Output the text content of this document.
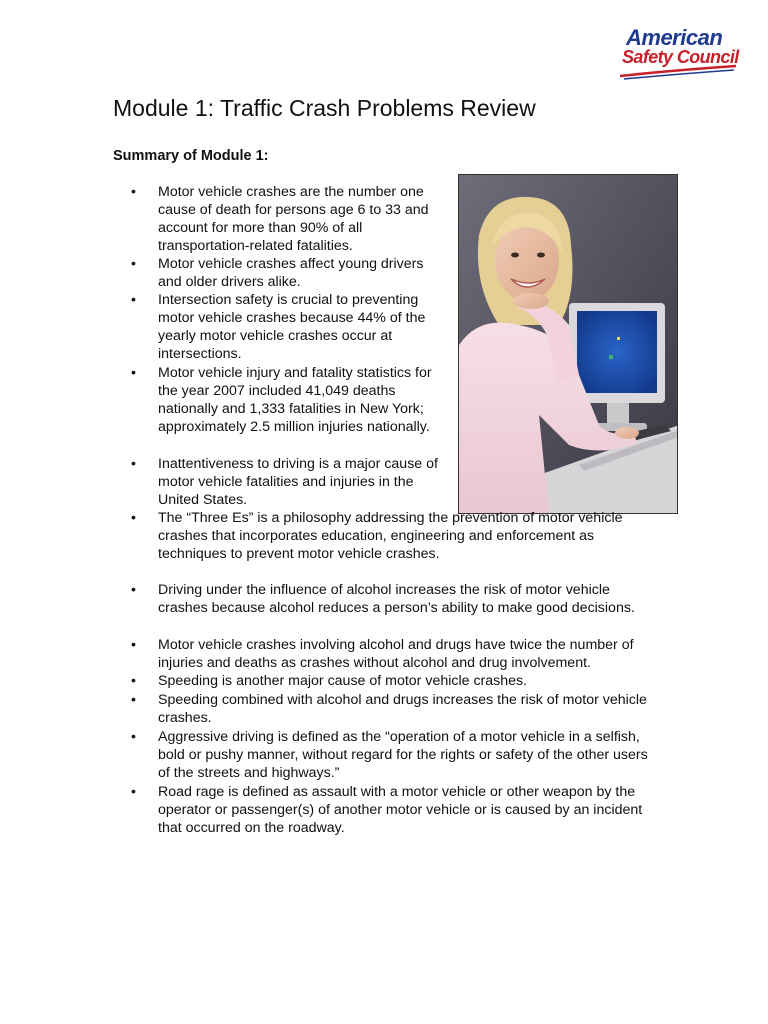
American
Safety Council
Module 1: Traffic Crash Problems Review
Summary of Module 1:
• Motor vehicle crashes are the number one cause of death for persons age 6 to 33 and account for more than 90% of all transportation-related fatalities.
• Motor vehicle crashes affect young drivers and older drivers alike.
• Intersection safety is crucial to preventing motor vehicle crashes because 44% of the yearly motor vehicle crashes occur at intersections.
• Motor vehicle injury and fatality statistics for the year 2007 included 41,049 deaths nationally and 1,333 fatalities in New York; approximately 2.5 million injuries nationally.
• Inattentiveness to driving is a major cause of motor vehicle fatalities and injuries in the United States.
• The “Three Es” is a philosophy addressing the prevention of motor vehicle crashes that incorporates education, engineering and enforcement as techniques to prevent motor vehicle crashes.
• Driving under the influence of alcohol increases the risk of motor vehicle crashes because alcohol reduces a person’s ability to make good decisions.
• Motor vehicle crashes involving alcohol and drugs have twice the number of injuries and deaths as crashes without alcohol and drug involvement.
• Speeding is another major cause of motor vehicle crashes.
• Speeding combined with alcohol and drugs increases the risk of motor vehicle crashes.
• Aggressive driving is defined as the “operation of a motor vehicle in a selfish, bold or pushy manner, without regard for the rights or safety of the other users of the streets and highways.”
• Road rage is defined as assault with a motor vehicle or other weapon by the operator or passenger(s) of another motor vehicle or is caused by an incident that occurred on the roadway.
